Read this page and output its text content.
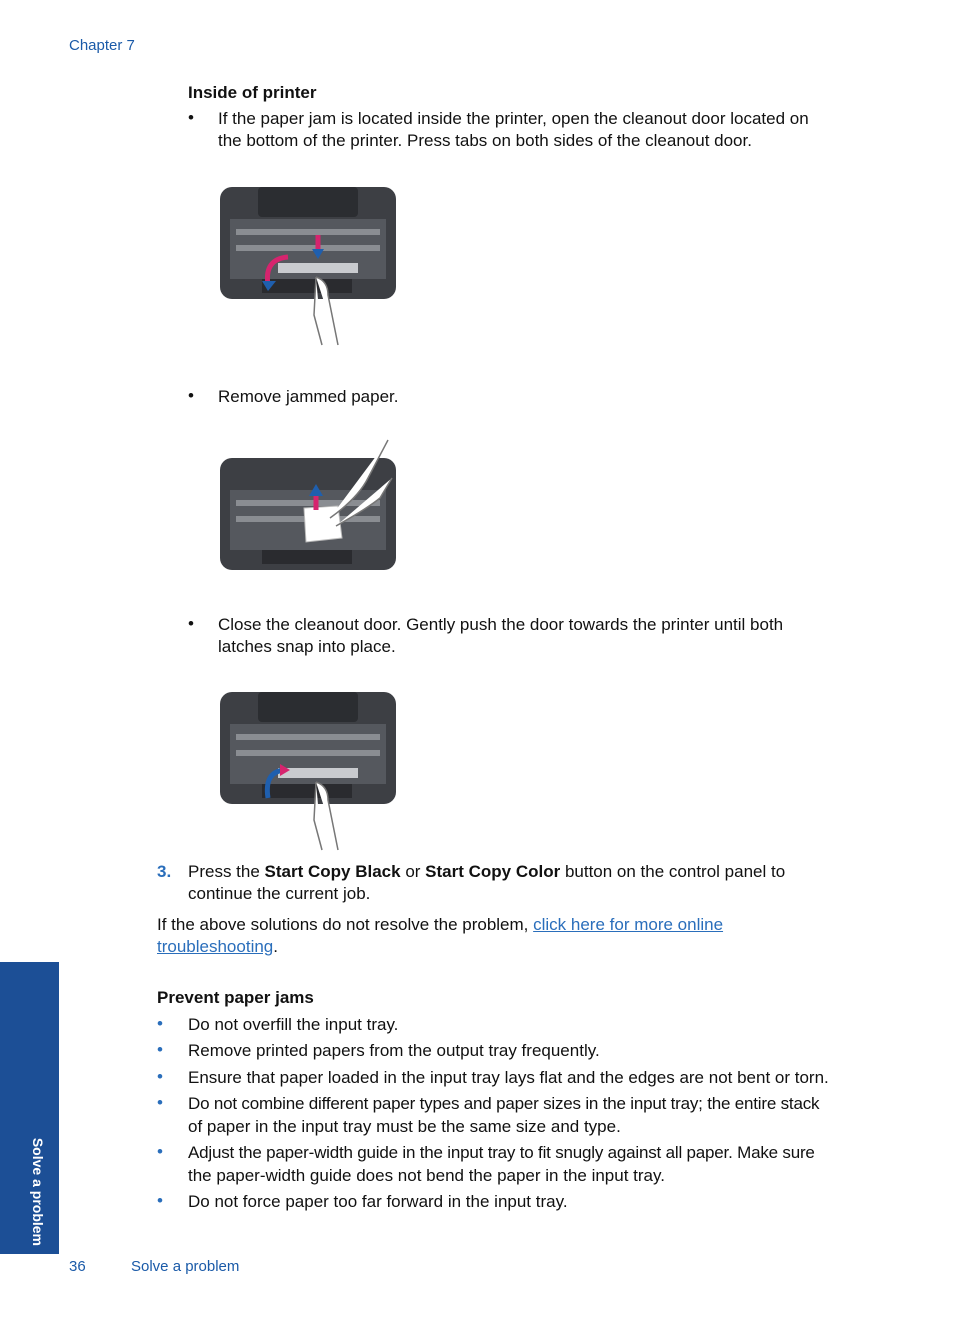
Chapter 7
Inside of printer
• If the paper jam is located inside the printer, open the cleanout door located on
the bottom of the printer. Press tabs on both sides of the cleanout door.
• Remove jammed paper.
• Close the cleanout door. Gently push the door towards the printer until both
latches snap into place.
3. Press the Start Copy Black or Start Copy Color button on the control panel to
continue the current job.
If the above solutions do not resolve the problem, click here for more online
troubleshooting.
Prevent paper jams
• Do not overfill the input tray.
• Remove printed papers from the output tray frequently.
• Ensure that paper loaded in the input tray lays flat and the edges are not bent or torn.
• Do not combine different paper types and paper sizes in the input tray; the entire stack
of paper in the input tray must be the same size and type.
• Adjust the paper-width guide in the input tray to fit snugly against all paper. Make sure
the paper-width guide does not bend the paper in the input tray.
• Do not force paper too far forward in the input tray.
Solve a problem
36	Solve a problem
